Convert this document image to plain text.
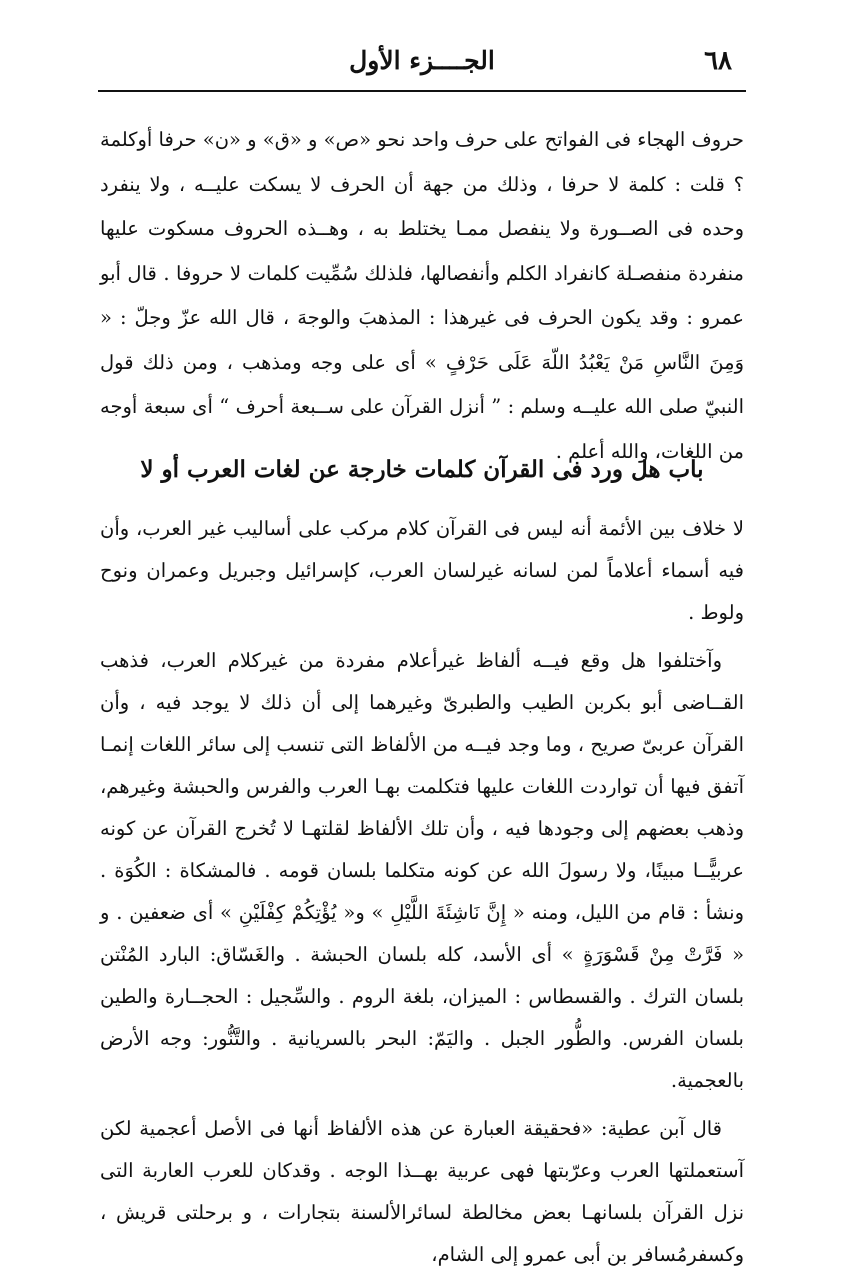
٦٨
الجــــزء الأول

حروف الهجاء فى الفواتح على حرف واحد نحو «ص» و «ق» و «ن» حرفا أوكلمة ؟ قلت : كلمة لا حرفا ، وذلك من جهة أن الحرف لا يسكت عليــه ، ولا ينفرد وحده فى الصــورة ولا ينفصل ممـا يختلط به ، وهــذه الحروف مسكوت عليها منفردة منفصـلة كانفراد الكلم وأنفصالها، فلذلك سُمِّيت كلمات لا حروفا . قال أبو عمرو : وقد يكون الحرف فى غيرهذا : المذهبَ والوجهَ ، قال الله عزّ وجلّ : « وَمِنَ النَّاسِ مَنْ يَعْبُدُ اللّهَ عَلَى حَرْفٍ » أى على وجه ومذهب ، ومن ذلك قول النبيّ صلى الله عليــه وسلم : ” أنزل القرآن على ســبعة أحرف “ أى سبعة أوجه من اللغات، والله أعلم .

باب هل ورد فى القرآن كلمات خارجة عن لغات العرب أو لا

لا خلاف بين الأئمة أنه ليس فى القرآن كلام مركب على أساليب غير العرب، وأن فيه أسماء أعلاماً لمن لسانه غيرلسان العرب، كإسرائيل وجبريل وعمران ونوح ولوط .

وآختلفوا هل وقع فيــه ألفاظ غيرأعلام مفردة من غيركلام العرب، فذهب القــاضى أبو بكربن الطيب والطبرىّ وغيرهما إلى أن ذلك لا يوجد فيه ، وأن القرآن عربىّ صريح ، وما وجد فيــه من الألفاظ التى تنسب إلى سائر اللغات إنمـا آتفق فيها أن تواردت اللغات عليها فتكلمت بهـا العرب والفرس والحبشة وغيرهم، وذهب بعضهم إلى وجودها فيه ، وأن تلك الألفاظ لقلتهـا لا تُخرج القرآن عن كونه عربيًّــا مبينًا، ولا رسولَ الله عن كونه متكلما بلسان قومه . فالمشكاة : الكُوَة . ونشأ : قام من الليل، ومنه « إِنَّ نَاشِئَةَ اللَّيْلِ » و« يُؤْتِكُمْ كِفْلَيْنِ » أى ضعفين . و « فَرَّتْ مِنْ قَسْوَرَةٍ » أى الأسد، كله بلسان الحبشة . والغَسّاق: البارد المُنْتن بلسان الترك . والقسطاس : الميزان، بلغة الروم . والسِّجيل : الحجــارة والطين بلسان الفرس. والطُّور الجبل . واليَمّ: البحر بالسريانية . والتَّنُّور: وجه الأرض بالعجمية.

قال آبن عطية: «فحقيقة العبارة عن هذه الألفاظ أنها فى الأصل أعجمية لكن آستعملتها العرب وعرّبتها فهى عربية بهــذا الوجه . وقدكان للعرب العاربة التى نزل القرآن بلسانهـا بعض مخالطة لسائرالألسنة بتجارات ، و برحلتى قريش ، وكسفرمُسافر بن أبى عمرو إلى الشام،
